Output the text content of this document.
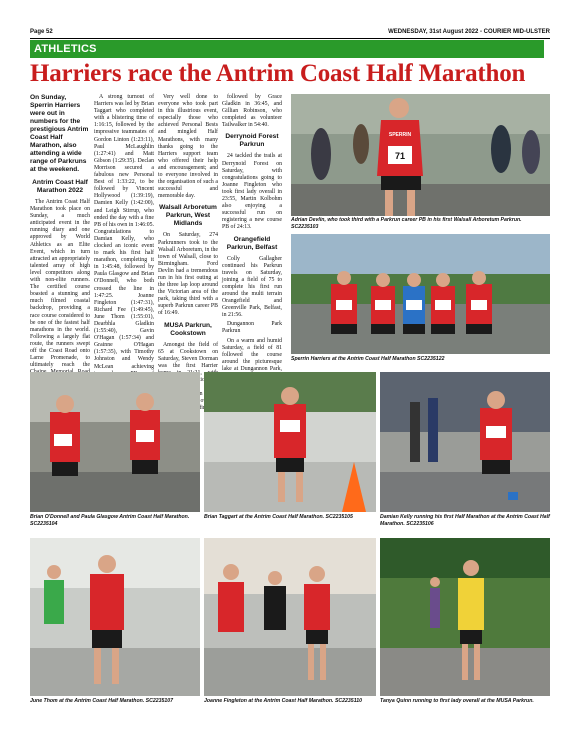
Page 52	WEDNESDAY, 31st August 2022 - COURIER MID-ULSTER
ATHLETICS
Harriers race the Antrim Coast Half Marathon

On Sunday, Sperrin Harriers were out in numbers for the prestigious Antrim Coast Half Marathon, also attending a wide range of Parkruns at the weekend.

Antrim Coast Half Marathon 2022

The Antrim Coast Half Marathon took place on Sunday, a much anticipated event in the running diary and one approved by World Athletics as an Elite Event, which in turn attracted an appropriately talented array of high level competitors along with non-elite runners. The certified course boasted a stunning and much filmed coastal backdrop, providing a race course considered to be one of the fastest half marathons in the world. Following a largely flat route, the runners swept off the Coast Road onto Larne Promenade, to ultimately reach the

A strong turnout of Harriers was led by Brian Taggart who completed with a blistering time of 1:16:15, followed by the impressive teammates of Gordon Linton (1:23:11), Paul McLaughlin (1:27:41) and Matt Gibson (1:29:35). Declan Morrison secured a fabulous new Personal Best of 1:33:22, to be followed by Vincent Hollywood (1:39:19), Damien Kelly (1:42:00), and Leigh Stirrup, who ended the day with a fine PB of his own in 1:46:05. Congratulations to Damian Kelly, who clocked an iconic event to mark his first half marathon, completing it in 1:45:48, followed by Paula Glasgow and Brian O'Donnell, who both crossed the line in 1:47:25. Joanne Fingleton (1:47:31), Richard Fee (1:49:45), June Thom (1:55:01), Dearbhla Gladkin (1:55:40), Gavin O'Hagan (1:57:34) and Grainne O'Hagan (1:57:35), with Timothy Johnston and Wendy McLean achieving

Very well done to everyone who took part in this illustrious event, especially those who achieved Personal Bests and mingled Half Marathons, with many thanks going to the Harriers support team who offered their help and encouragement; and to everyone involved in the organisation of such a successful and memorable day.

Walsall Arboretum Parkrun, West Midlands

On Saturday, 274 Parkrunners took to the Walsall Arboretum, in the town of Walsall, close to Birmingham. Ford Devlin had a tremendous run in his first outing at the three lap loop around the Victorian area of the park, taking third with a superb Parkrun career PB of 16:49.

MUSA Parkrun, Cookstown

Amongst the field of 65 at Cookstown on Saturday, Steven Dorman was the first Harrier in

followed by Grace Gladkin in 36:45, and Gillian Robinson, who completed as volunteer Tailwalker in 54:40.

Derrynoid Forest Parkrun

24 tackled the trails at Derrynoid Forest on Saturday, with congratulations going to Joanne Fingleton who took first lady overall in 23:55, Martin Kolbohm also enjoying a successful run on registering a new course PB of 24:13.

Orangefield Parkrun, Belfast

Colly Gallagher continued his Parkrun travels on Saturday, joining a field of 75 to complete his first run around the multi terrain Orangefield and Greenville Park, Belfast, in 21:56.

Dungannon Park Parkrun

On a warm and humid Saturday, a field of 81 followed the course around the picturesque lake at Dungannon Park,

71
SPERRIN
Adrian Devlin, who took third with a Parkrun career PB in his first Walsall Arboretum Parkrun. SC2235103
Sperrin Harriers at the Antrim Coast Half Marathon SC2235122
Brian O'Donnell and Paula Glasgow Antrim Coast Half Marathon. SC2235104
Brian Taggart at the Antrim Coast Half Marathon. SC2235105	Damian Kelly running his first Half Marathon at the Antrim Coast Half Marathon. SC2235106
June Thom at the Antrim Coast Half Marathon. SC2235107	Joanne Fingleton at the Antrim Coast Half Marathon. SC2235110	Tanya Quinn running to first lady overall at the MUSA Parkrun.
